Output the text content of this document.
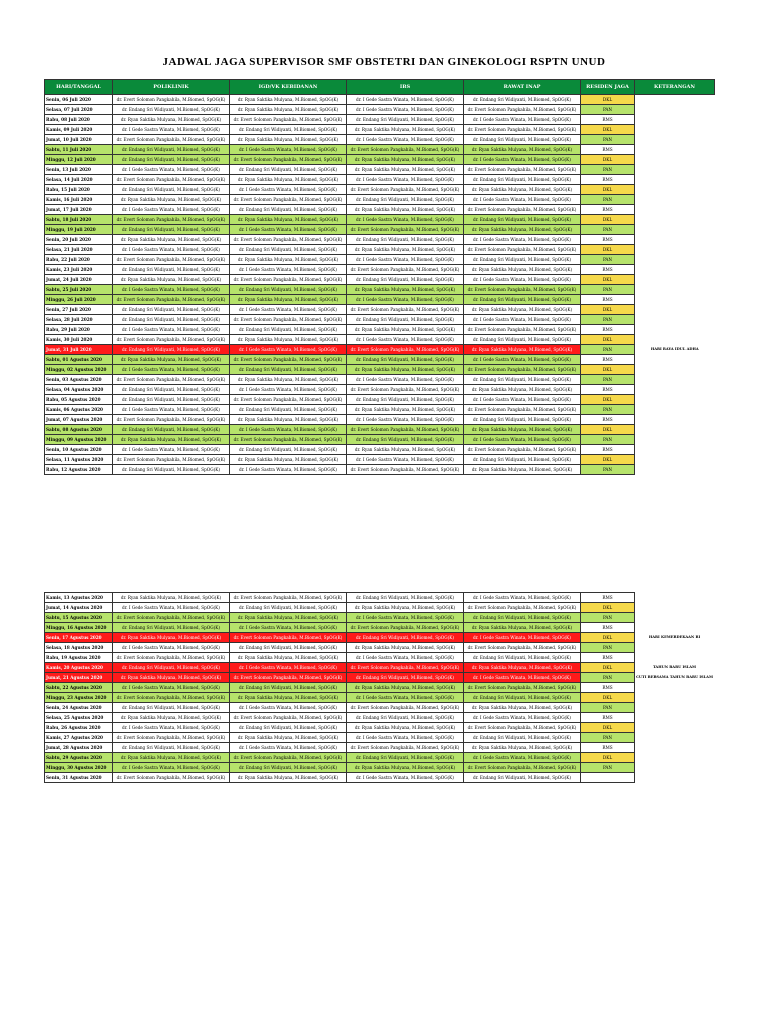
JADWAL JAGA SUPERVISOR SMF OBSTETRI DAN GINEKOLOGI RSPTN UNUD
HARI/TANGGAL	POLIKLINIK	IGD/VK KEBIDANAN	IBS	RAWAT INAP	RESIDEN JAGA	KETERANGAN
Senin, 06 Juli 2020	dr. Evert Solomon Pangkahila, M.Biomed, SpOG(K)	dr. Ryan Saktika Mulyana, M.Biomed, SpOG(K)	dr. I Gede Sastra Winata, M.Biomed, SpOG(K)	dr. Endang Sri Widiyanti, M.Biomed, SpOG(K)	DKL	
Selasa, 07 Juli 2020	dr. Endang Sri Widiyanti, M.Biomed, SpOG(K)	dr. Ryan Saktika Mulyana, M.Biomed, SpOG(K)	dr. I Gede Sastra Winata, M.Biomed, SpOG(K)	dr. Evert Solomon Pangkahila, M.Biomed, SpOG(K)	PAN	
Rabu, 08 Juli 2020	dr. Ryan Saktika Mulyana, M.Biomed, SpOG(K)	dr. Evert Solomon Pangkahila, M.Biomed, SpOG(K)	dr. Endang Sri Widiyanti, M.Biomed, SpOG(K)	dr. I Gede Sastra Winata, M.Biomed, SpOG(K)	RMS	
Kamis, 09 Juli 2020	dr. I Gede Sastra Winata, M.Biomed, SpOG(K)	dr. Endang Sri Widiyanti, M.Biomed, SpOG(K)	dr. Ryan Saktika Mulyana, M.Biomed, SpOG(K)	dr. Evert Solomon Pangkahila, M.Biomed, SpOG(K)	DKL	
Jumat, 10 Juli 2020	dr. Evert Solomon Pangkahila, M.Biomed, SpOG(K)	dr. Ryan Saktika Mulyana, M.Biomed, SpOG(K)	dr. I Gede Sastra Winata, M.Biomed, SpOG(K)	dr. Endang Sri Widiyanti, M.Biomed, SpOG(K)	PAN	
Sabtu, 11 Juli 2020	dr. Endang Sri Widiyanti, M.Biomed, SpOG(K)	dr. I Gede Sastra Winata, M.Biomed, SpOG(K)	dr. Evert Solomon Pangkahila, M.Biomed, SpOG(K)	dr. Ryan Saktika Mulyana, M.Biomed, SpOG(K)	RMS	
Minggu, 12 Juli 2020	dr. Endang Sri Widiyanti, M.Biomed, SpOG(K)	dr. Evert Solomon Pangkahila, M.Biomed, SpOG(K)	dr. Ryan Saktika Mulyana, M.Biomed, SpOG(K)	dr. I Gede Sastra Winata, M.Biomed, SpOG(K)	DKL	
Senin, 13 Juli 2020	dr. I Gede Sastra Winata, M.Biomed, SpOG(K)	dr. Endang Sri Widiyanti, M.Biomed, SpOG(K)	dr. Ryan Saktika Mulyana, M.Biomed, SpOG(K)	dr. Evert Solomon Pangkahila, M.Biomed, SpOG(K)	PAN	
Selasa, 14 Juli 2020	dr. Evert Solomon Pangkahila, M.Biomed, SpOG(K)	dr. Ryan Saktika Mulyana, M.Biomed, SpOG(K)	dr. I Gede Sastra Winata, M.Biomed, SpOG(K)	dr. Endang Sri Widiyanti, M.Biomed, SpOG(K)	RMS	
Rabu, 15 Juli 2020	dr. Endang Sri Widiyanti, M.Biomed, SpOG(K)	dr. I Gede Sastra Winata, M.Biomed, SpOG(K)	dr. Evert Solomon Pangkahila, M.Biomed, SpOG(K)	dr. Ryan Saktika Mulyana, M.Biomed, SpOG(K)	DKL	
Kamis, 16 Juli 2020	dr. Ryan Saktika Mulyana, M.Biomed, SpOG(K)	dr. Evert Solomon Pangkahila, M.Biomed, SpOG(K)	dr. Endang Sri Widiyanti, M.Biomed, SpOG(K)	dr. I Gede Sastra Winata, M.Biomed, SpOG(K)	PAN	
Jumat, 17 Juli 2020	dr. I Gede Sastra Winata, M.Biomed, SpOG(K)	dr. Endang Sri Widiyanti, M.Biomed, SpOG(K)	dr. Ryan Saktika Mulyana, M.Biomed, SpOG(K)	dr. Evert Solomon Pangkahila, M.Biomed, SpOG(K)	RMS	
Sabtu, 18 Juli 2020	dr. Evert Solomon Pangkahila, M.Biomed, SpOG(K)	dr. Ryan Saktika Mulyana, M.Biomed, SpOG(K)	dr. I Gede Sastra Winata, M.Biomed, SpOG(K)	dr. Endang Sri Widiyanti, M.Biomed, SpOG(K)	DKL	
Minggu, 19 Juli 2020	dr. Endang Sri Widiyanti, M.Biomed, SpOG(K)	dr. I Gede Sastra Winata, M.Biomed, SpOG(K)	dr. Evert Solomon Pangkahila, M.Biomed, SpOG(K)	dr. Ryan Saktika Mulyana, M.Biomed, SpOG(K)	PAN	
Senin, 20 Juli 2020	dr. Ryan Saktika Mulyana, M.Biomed, SpOG(K)	dr. Evert Solomon Pangkahila, M.Biomed, SpOG(K)	dr. Endang Sri Widiyanti, M.Biomed, SpOG(K)	dr. I Gede Sastra Winata, M.Biomed, SpOG(K)	RMS	
Selasa, 21 Juli 2020	dr. I Gede Sastra Winata, M.Biomed, SpOG(K)	dr. Endang Sri Widiyanti, M.Biomed, SpOG(K)	dr. Ryan Saktika Mulyana, M.Biomed, SpOG(K)	dr. Evert Solomon Pangkahila, M.Biomed, SpOG(K)	DKL	
Rabu, 22 Juli 2020	dr. Evert Solomon Pangkahila, M.Biomed, SpOG(K)	dr. Ryan Saktika Mulyana, M.Biomed, SpOG(K)	dr. I Gede Sastra Winata, M.Biomed, SpOG(K)	dr. Endang Sri Widiyanti, M.Biomed, SpOG(K)	PAN	
Kamis, 23 Juli 2020	dr. Endang Sri Widiyanti, M.Biomed, SpOG(K)	dr. I Gede Sastra Winata, M.Biomed, SpOG(K)	dr. Evert Solomon Pangkahila, M.Biomed, SpOG(K)	dr. Ryan Saktika Mulyana, M.Biomed, SpOG(K)	RMS	
Jumat, 24 Juli 2020	dr. Ryan Saktika Mulyana, M.Biomed, SpOG(K)	dr. Evert Solomon Pangkahila, M.Biomed, SpOG(K)	dr. Endang Sri Widiyanti, M.Biomed, SpOG(K)	dr. I Gede Sastra Winata, M.Biomed, SpOG(K)	DKL	
Sabtu, 25 Juli 2020	dr. I Gede Sastra Winata, M.Biomed, SpOG(K)	dr. Endang Sri Widiyanti, M.Biomed, SpOG(K)	dr. Ryan Saktika Mulyana, M.Biomed, SpOG(K)	dr. Evert Solomon Pangkahila, M.Biomed, SpOG(K)	PAN	
Minggu, 26 Juli 2020	dr. Evert Solomon Pangkahila, M.Biomed, SpOG(K)	dr. Ryan Saktika Mulyana, M.Biomed, SpOG(K)	dr. I Gede Sastra Winata, M.Biomed, SpOG(K)	dr. Endang Sri Widiyanti, M.Biomed, SpOG(K)	RMS	
Senin, 27 Juli 2020	dr. Endang Sri Widiyanti, M.Biomed, SpOG(K)	dr. I Gede Sastra Winata, M.Biomed, SpOG(K)	dr. Evert Solomon Pangkahila, M.Biomed, SpOG(K)	dr. Ryan Saktika Mulyana, M.Biomed, SpOG(K)	DKL	
Selasa, 28 Juli 2020	dr. Endang Sri Widiyanti, M.Biomed, SpOG(K)	dr. Evert Solomon Pangkahila, M.Biomed, SpOG(K)	dr. Endang Sri Widiyanti, M.Biomed, SpOG(K)	dr. I Gede Sastra Winata, M.Biomed, SpOG(K)	PAN	
Rabu, 29 Juli 2020	dr. I Gede Sastra Winata, M.Biomed, SpOG(K)	dr. Endang Sri Widiyanti, M.Biomed, SpOG(K)	dr. Ryan Saktika Mulyana, M.Biomed, SpOG(K)	dr. Evert Solomon Pangkahila, M.Biomed, SpOG(K)	RMS	
Kamis, 30 Juli 2020	dr. Evert Solomon Pangkahila, M.Biomed, SpOG(K)	dr. Ryan Saktika Mulyana, M.Biomed, SpOG(K)	dr. I Gede Sastra Winata, M.Biomed, SpOG(K)	dr. Endang Sri Widiyanti, M.Biomed, SpOG(K)	DKL	
Jumat, 31 Juli 2020	dr. Endang Sri Widiyanti, M.Biomed, SpOG(K)	dr. I Gede Sastra Winata, M.Biomed, SpOG(K)	dr. Evert Solomon Pangkahila, M.Biomed, SpOG(K)	dr. Ryan Saktika Mulyana, M.Biomed, SpOG(K)	PAN	HARI RAYA IDUL ADHA
Sabtu, 01 Agustus 2020	dr. Ryan Saktika Mulyana, M.Biomed, SpOG(K)	dr. Evert Solomon Pangkahila, M.Biomed, SpOG(K)	dr. Endang Sri Widiyanti, M.Biomed, SpOG(K)	dr. I Gede Sastra Winata, M.Biomed, SpOG(K)	RMS	
Minggu, 02 Agustus 2020	dr. I Gede Sastra Winata, M.Biomed, SpOG(K)	dr. Endang Sri Widiyanti, M.Biomed, SpOG(K)	dr. Ryan Saktika Mulyana, M.Biomed, SpOG(K)	dr. Evert Solomon Pangkahila, M.Biomed, SpOG(K)	DKL	
Senin, 03 Agustus 2020	dr. Evert Solomon Pangkahila, M.Biomed, SpOG(K)	dr. Ryan Saktika Mulyana, M.Biomed, SpOG(K)	dr. I Gede Sastra Winata, M.Biomed, SpOG(K)	dr. Endang Sri Widiyanti, M.Biomed, SpOG(K)	PAN	
Selasa, 04 Agustus 2020	dr. Endang Sri Widiyanti, M.Biomed, SpOG(K)	dr. I Gede Sastra Winata, M.Biomed, SpOG(K)	dr. Evert Solomon Pangkahila, M.Biomed, SpOG(K)	dr. Ryan Saktika Mulyana, M.Biomed, SpOG(K)	RMS	
Rabu, 05 Agustus 2020	dr. Endang Sri Widiyanti, M.Biomed, SpOG(K)	dr. Evert Solomon Pangkahila, M.Biomed, SpOG(K)	dr. Endang Sri Widiyanti, M.Biomed, SpOG(K)	dr. I Gede Sastra Winata, M.Biomed, SpOG(K)	DKL	
Kamis, 06 Agustus 2020	dr. I Gede Sastra Winata, M.Biomed, SpOG(K)	dr. Endang Sri Widiyanti, M.Biomed, SpOG(K)	dr. Ryan Saktika Mulyana, M.Biomed, SpOG(K)	dr. Evert Solomon Pangkahila, M.Biomed, SpOG(K)	PAN	
Jumat, 07 Agustus 2020	dr. Evert Solomon Pangkahila, M.Biomed, SpOG(K)	dr. Ryan Saktika Mulyana, M.Biomed, SpOG(K)	dr. I Gede Sastra Winata, M.Biomed, SpOG(K)	dr. Endang Sri Widiyanti, M.Biomed, SpOG(K)	RMS	
Sabtu, 08 Agustus 2020	dr. Endang Sri Widiyanti, M.Biomed, SpOG(K)	dr. I Gede Sastra Winata, M.Biomed, SpOG(K)	dr. Evert Solomon Pangkahila, M.Biomed, SpOG(K)	dr. Ryan Saktika Mulyana, M.Biomed, SpOG(K)	DKL	
Minggu, 09 Agustus 2020	dr. Ryan Saktika Mulyana, M.Biomed, SpOG(K)	dr. Evert Solomon Pangkahila, M.Biomed, SpOG(K)	dr. Endang Sri Widiyanti, M.Biomed, SpOG(K)	dr. I Gede Sastra Winata, M.Biomed, SpOG(K)	PAN	
Senin, 10 Agustus 2020	dr. I Gede Sastra Winata, M.Biomed, SpOG(K)	dr. Endang Sri Widiyanti, M.Biomed, SpOG(K)	dr. Ryan Saktika Mulyana, M.Biomed, SpOG(K)	dr. Evert Solomon Pangkahila, M.Biomed, SpOG(K)	RMS	
Selasa, 11 Agustus 2020	dr. Evert Solomon Pangkahila, M.Biomed, SpOG(K)	dr. Ryan Saktika Mulyana, M.Biomed, SpOG(K)	dr. I Gede Sastra Winata, M.Biomed, SpOG(K)	dr. Endang Sri Widiyanti, M.Biomed, SpOG(K)	DKL	
Rabu, 12 Agustus 2020	dr. Endang Sri Widiyanti, M.Biomed, SpOG(K)	dr. I Gede Sastra Winata, M.Biomed, SpOG(K)	dr. Evert Solomon Pangkahila, M.Biomed, SpOG(K)	dr. Ryan Saktika Mulyana, M.Biomed, SpOG(K)	PAN	
Kamis, 13 Agustus 2020	dr. Ryan Saktika Mulyana, M.Biomed, SpOG(K)	dr. Evert Solomon Pangkahila, M.Biomed, SpOG(K)	dr. Endang Sri Widiyanti, M.Biomed, SpOG(K)	dr. I Gede Sastra Winata, M.Biomed, SpOG(K)	RMS	
Jumat, 14 Agustus 2020	dr. I Gede Sastra Winata, M.Biomed, SpOG(K)	dr. Endang Sri Widiyanti, M.Biomed, SpOG(K)	dr. Ryan Saktika Mulyana, M.Biomed, SpOG(K)	dr. Evert Solomon Pangkahila, M.Biomed, SpOG(K)	DKL	
Sabtu, 15 Agustus 2020	dr. Evert Solomon Pangkahila, M.Biomed, SpOG(K)	dr. Ryan Saktika Mulyana, M.Biomed, SpOG(K)	dr. I Gede Sastra Winata, M.Biomed, SpOG(K)	dr. Endang Sri Widiyanti, M.Biomed, SpOG(K)	PAN	
Minggu, 16 Agustus 2020	dr. Endang Sri Widiyanti, M.Biomed, SpOG(K)	dr. I Gede Sastra Winata, M.Biomed, SpOG(K)	dr. Evert Solomon Pangkahila, M.Biomed, SpOG(K)	dr. Ryan Saktika Mulyana, M.Biomed, SpOG(K)	RMS	
Senin, 17 Agustus 2020	dr. Ryan Saktika Mulyana, M.Biomed, SpOG(K)	dr. Evert Solomon Pangkahila, M.Biomed, SpOG(K)	dr. Endang Sri Widiyanti, M.Biomed, SpOG(K)	dr. I Gede Sastra Winata, M.Biomed, SpOG(K)	DKL	HARI KEMERDEKAAN RI
Selasa, 18 Agustus 2020	dr. I Gede Sastra Winata, M.Biomed, SpOG(K)	dr. Endang Sri Widiyanti, M.Biomed, SpOG(K)	dr. Ryan Saktika Mulyana, M.Biomed, SpOG(K)	dr. Evert Solomon Pangkahila, M.Biomed, SpOG(K)	PAN	
Rabu, 19 Agustus 2020	dr. Evert Solomon Pangkahila, M.Biomed, SpOG(K)	dr. Ryan Saktika Mulyana, M.Biomed, SpOG(K)	dr. I Gede Sastra Winata, M.Biomed, SpOG(K)	dr. Endang Sri Widiyanti, M.Biomed, SpOG(K)	RMS	
Kamis, 20 Agustus 2020	dr. Endang Sri Widiyanti, M.Biomed, SpOG(K)	dr. I Gede Sastra Winata, M.Biomed, SpOG(K)	dr. Evert Solomon Pangkahila, M.Biomed, SpOG(K)	dr. Ryan Saktika Mulyana, M.Biomed, SpOG(K)	DKL	TAHUN BARU ISLAM
Jumat, 21 Agustus 2020	dr. Ryan Saktika Mulyana, M.Biomed, SpOG(K)	dr. Evert Solomon Pangkahila, M.Biomed, SpOG(K)	dr. Endang Sri Widiyanti, M.Biomed, SpOG(K)	dr. I Gede Sastra Winata, M.Biomed, SpOG(K)	PAN	CUTI BERSAMA TAHUN BARU ISLAM
Sabtu, 22 Agustus 2020	dr. I Gede Sastra Winata, M.Biomed, SpOG(K)	dr. Endang Sri Widiyanti, M.Biomed, SpOG(K)	dr. Ryan Saktika Mulyana, M.Biomed, SpOG(K)	dr. Evert Solomon Pangkahila, M.Biomed, SpOG(K)	RMS	
Minggu, 23 Agustus 2020	dr. Evert Solomon Pangkahila, M.Biomed, SpOG(K)	dr. Ryan Saktika Mulyana, M.Biomed, SpOG(K)	dr. I Gede Sastra Winata, M.Biomed, SpOG(K)	dr. Endang Sri Widiyanti, M.Biomed, SpOG(K)	DKL	
Senin, 24 Agustus 2020	dr. Endang Sri Widiyanti, M.Biomed, SpOG(K)	dr. I Gede Sastra Winata, M.Biomed, SpOG(K)	dr. Evert Solomon Pangkahila, M.Biomed, SpOG(K)	dr. Ryan Saktika Mulyana, M.Biomed, SpOG(K)	PAN	
Selasa, 25 Agustus 2020	dr. Ryan Saktika Mulyana, M.Biomed, SpOG(K)	dr. Evert Solomon Pangkahila, M.Biomed, SpOG(K)	dr. Endang Sri Widiyanti, M.Biomed, SpOG(K)	dr. I Gede Sastra Winata, M.Biomed, SpOG(K)	RMS	
Rabu, 26 Agustus 2020	dr. I Gede Sastra Winata, M.Biomed, SpOG(K)	dr. Endang Sri Widiyanti, M.Biomed, SpOG(K)	dr. Ryan Saktika Mulyana, M.Biomed, SpOG(K)	dr. Evert Solomon Pangkahila, M.Biomed, SpOG(K)	DKL	
Kamis, 27 Agustus 2020	dr. Evert Solomon Pangkahila, M.Biomed, SpOG(K)	dr. Ryan Saktika Mulyana, M.Biomed, SpOG(K)	dr. I Gede Sastra Winata, M.Biomed, SpOG(K)	dr. Endang Sri Widiyanti, M.Biomed, SpOG(K)	PAN	
Jumat, 28 Agustus 2020	dr. Endang Sri Widiyanti, M.Biomed, SpOG(K)	dr. I Gede Sastra Winata, M.Biomed, SpOG(K)	dr. Evert Solomon Pangkahila, M.Biomed, SpOG(K)	dr. Ryan Saktika Mulyana, M.Biomed, SpOG(K)	RMS	
Sabtu, 29 Agustus 2020	dr. Ryan Saktika Mulyana, M.Biomed, SpOG(K)	dr. Evert Solomon Pangkahila, M.Biomed, SpOG(K)	dr. Endang Sri Widiyanti, M.Biomed, SpOG(K)	dr. I Gede Sastra Winata, M.Biomed, SpOG(K)	DKL	
Minggu, 30 Agustus 2020	dr. I Gede Sastra Winata, M.Biomed, SpOG(K)	dr. Endang Sri Widiyanti, M.Biomed, SpOG(K)	dr. Ryan Saktika Mulyana, M.Biomed, SpOG(K)	dr. Evert Solomon Pangkahila, M.Biomed, SpOG(K)	PAN	
Senin, 31 Agustus 2020	dr. Evert Solomon Pangkahila, M.Biomed, SpOG(K)	dr. Ryan Saktika Mulyana, M.Biomed, SpOG(K)	dr. I Gede Sastra Winata, M.Biomed, SpOG(K)	dr. Endang Sri Widiyanti, M.Biomed, SpOG(K)		
